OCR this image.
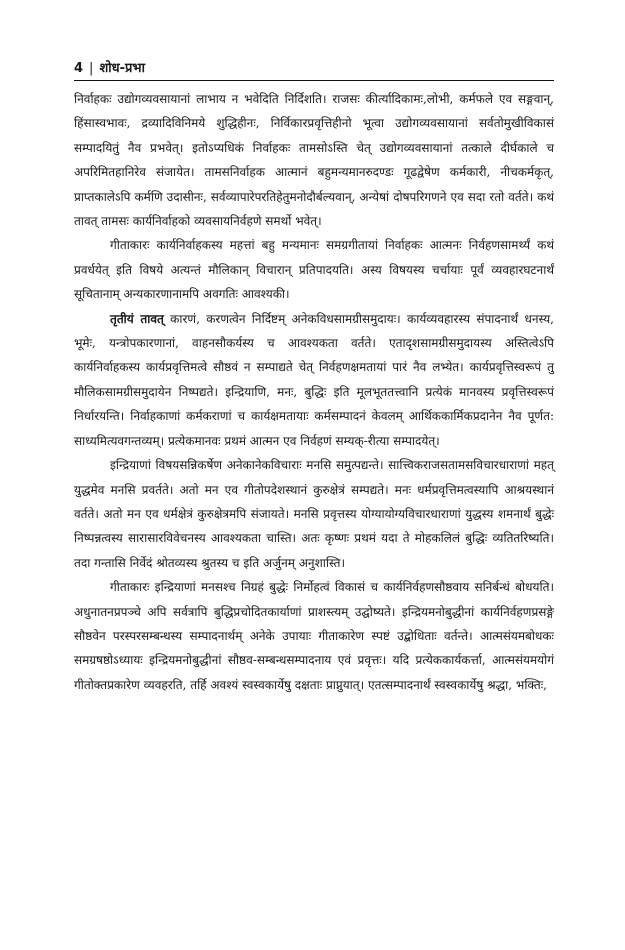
4 | शोध-प्रभा

निर्वाहकः उद्योगव्यवसायानां लाभाय न भवेदिति निर्दिशति। राजसः कीर्त्यादिकामः,लोभी, कर्मफले एव सङ्गवान्, हिंसास्वभावः, द्रव्यादिविनिमये शुद्धिहीनः, निर्विकारप्रवृत्तिहीनो भूत्वा उद्योगव्यवसायानां सर्वतोमुखीविकासं सम्पादयितुं नैव प्रभवेत्। इतोऽप्यधिकं निर्वाहकः तामसोऽस्ति चेत् उद्योगव्यवसायानां तत्काले दीर्घकाले च अपरिमितहानिरेव संजायेत। तामसनिर्वाहक आत्मानं बहुमन्यमानरुदण्डः गूढद्वेषेण कर्मकारी, नीचकर्मकृत्, प्राप्तकालेऽपि कर्मणि उदासीनः, सर्वव्यापारेपरतिहेतुमनोदौर्बल्यवान्, अन्येषां दोषपरिगणने एव सदा रतो वर्तते। कथं तावत् तामसः कार्यनिर्वाहको व्यवसायनिर्वहणे समर्थो भवेत्।

गीताकारः कार्यनिर्वाहकस्य महत्तां बहु मन्यमानः समग्रगीतायां निर्वाहकः आत्मनः निर्वहणसामर्थ्यं कथं प्रवर्धयेत् इति विषये अत्यन्तं मौलिकान् विचारान् प्रतिपादयति। अस्य विषयस्य चर्चायाः पूर्वं व्यवहारघटनार्थं सूचितानाम् अन्यकारणानामपि अवगतिः आवश्यकी।

तृतीयं तावत् कारणं, करणत्वेन निर्दिष्टम् अनेकविधसामग्रीसमुदायः। कार्यव्यवहारस्य संपादनार्थं धनस्य, भूमेः, यन्त्रोपकारणानां, वाहनसौकर्यस्य च आवश्यकता वर्तते। एतादृशसामग्रीसमुदायस्य अस्तित्वेऽपि कार्यनिर्वाहकस्य कार्यप्रवृत्तिमत्वे सौष्ठवं न सम्पाद्यते चेत् निर्वहणक्षमतायां पारं नैव लभ्येत। कार्यप्रवृत्तिस्वरूपं तु मौलिकसामग्रीसमुदायेन निष्पद्यते। इन्द्रियाणि, मनः, बुद्धिः इति मूलभूततत्त्वानि प्रत्येकं मानवस्य प्रवृत्तिस्वरूपं निर्धारयन्ति। निर्वाहकाणां कर्मकराणां च कार्यक्षमतायाः कर्मसम्पादनं केवलम् आर्थिककार्मिकप्रदानेन नैव पूर्णत: साध्यमित्यवगन्तव्यम्। प्रत्येकमानवः प्रथमं आत्मन एव निर्वहणं सम्यक्-रीत्या सम्पादयेत्।

इन्द्रियाणां विषयसन्निकर्षेण अनेकानेकविचाराः मनसि समुत्पद्यन्ते। सात्त्विकराजसतामसविचारधाराणां महत् युद्धमेव मनसि प्रवर्तते। अतो मन एव गीतोपदेशस्थानं कुरुक्षेत्रं सम्पद्यते। मनः धर्मप्रवृत्तिमत्वस्यापि आश्रयस्थानं वर्तते। अतो मन एव धर्मक्षेत्रं कुरुक्षेत्रमपि संजायते। मनसि प्रवृत्तस्य योग्यायोग्यविचारधाराणां युद्धस्य शमनार्थं बुद्धेः निष्पन्नत्वस्य सारासारविवेचनस्य आवश्यकता चास्ति। अतः कृष्णः प्रथमं यदा ते मोहकलिलं बुद्धिः व्यतितरिष्यति। तदा गन्तासि निर्वेदं श्रोतव्यस्य श्रुतस्य च इति अर्जुनम् अनुशास्ति।

गीताकारः इन्द्रियाणां मनसश्च निग्रहं बुद्धेः निर्मोहत्वं विकासं च कार्यनिर्वहणसौष्ठवाय सनिर्बन्धं बोधयति। अधुनातनप्रपञ्चे अपि सर्वत्रापि बुद्धिप्रचोदितकार्याणां प्राशस्त्यम् उद्घोष्यते। इन्द्रियमनोबुद्धीनां कार्यनिर्वहणप्रसङ्गे सौष्ठवेन परस्परसम्बन्धस्य सम्पादनार्थम् अनेके उपायाः गीताकारेण स्पष्टं उद्बोधिताः वर्तन्ते। आत्मसंयमबोधकः समग्रषष्ठोऽध्यायः इन्द्रियमनोबुद्धीनां सौष्ठव-सम्बन्धसम्पादनाय एवं प्रवृत्तः। यदि प्रत्येककार्यकर्त्ता, आत्मसंयमयोगं गीतोक्तप्रकारेण व्यवहरति, तर्हि अवश्यं स्वस्वकार्येषु दक्षताः प्राप्नुयात्। एतत्सम्पादनार्थं स्वस्वकार्येषु श्रद्धा, भक्तिः,
